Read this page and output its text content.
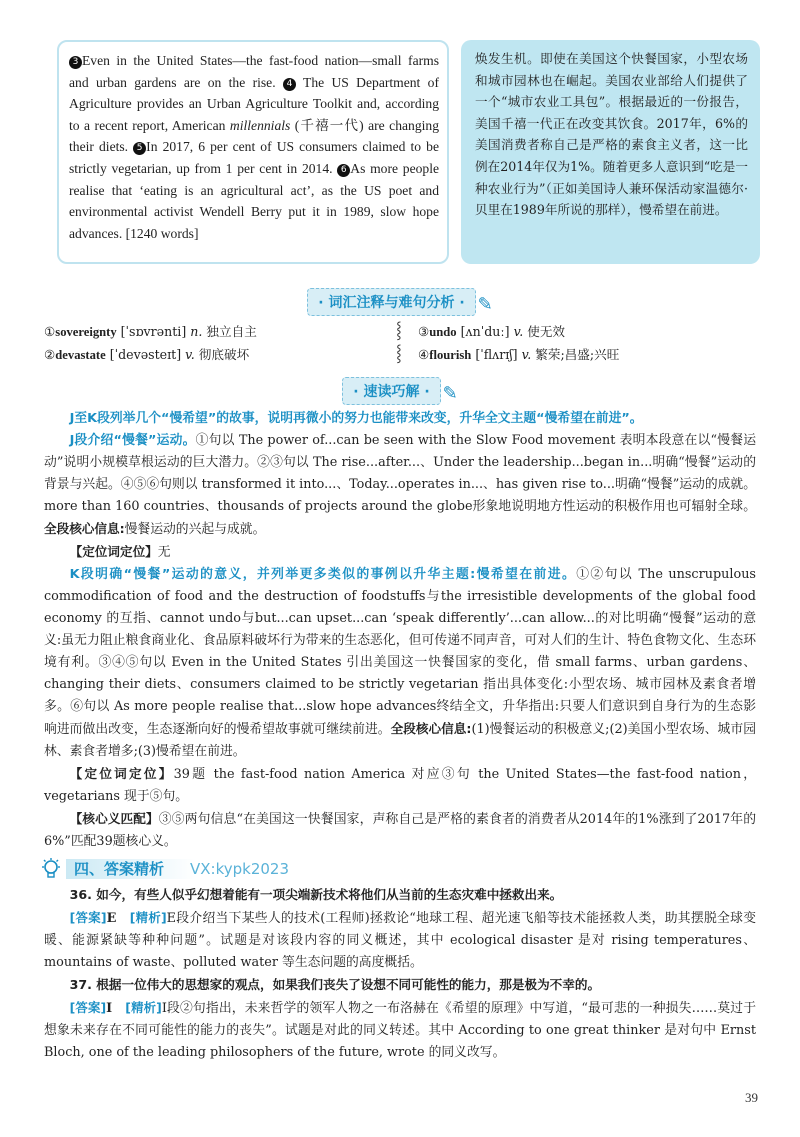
3 Even in the United States—the fast-food nation—small farms and urban gardens are on the rise. 4 The US Department of Agriculture provides an Urban Agriculture Toolkit and, according to a recent report, American millennials (千禧一代) are changing their diets. 5 In 2017, 6 per cent of US consumers claimed to be strictly vegetarian, up from 1 per cent in 2014. 6 As more people realise that ‘eating is an agricultural act’, as the US poet and environmental activist Wendell Berry put it in 1989, slow hope advances. [1240 words]

焕发生机。即使在美国这个快餐国家，小型农场和城市园林也在崛起。美国农业部给人们提供了一个“城市农业工具包”。根据最近的一份报告，美国千禧一代正在改变其饮食。2017年，6%的美国消费者称自己是严格的素食主义者，这一比例在2014年仅为1%。随着更多人意识到“吃是一种农业行为”（正如美国诗人兼环保活动家温德尔·贝里在1989年所说的那样），慢希望在前进。

· 词汇注释与难句分析 · ✎
①sovereignty [ˈsɒvrənti] n. 独立自主
②devastate [ˈdevəsteɪt] v. 彻底破坏
⸾
⸾
③undo [ʌnˈduː] v. 使无效
④flourish [ˈflʌrɪʃ] v. 繁荣;昌盛;兴旺
· 速读巧解 · ✎

J至K段列举几个“慢希望”的故事，说明再微小的努力也能带来改变，升华全文主题“慢希望在前进”。

J段介绍“慢餐”运动。①句以 The power of...can be seen with the Slow Food movement 表明本段意在以“慢餐运动”说明小规模草根运动的巨大潜力。②③句以 The rise...after...、Under the leadership...began in...明确“慢餐”运动的背景与兴起。④⑤⑥句则以 transformed it into...、Today...operates in...、has given rise to...明确“慢餐”运动的成就。more than 160 countries、thousands of projects around the globe形象地说明地方性运动的积极作用也可辐射全球。全段核心信息:慢餐运动的兴起与成就。

【定位词定位】无

K段明确“慢餐”运动的意义，并列举更多类似的事例以升华主题:慢希望在前进。①②句以 The unscrupulous commodification of food and the destruction of foodstuffs与the irresistible developments of the global food economy 的互指、cannot undo与but...can upset...can ‘speak differently’...can allow...的对比明确“慢餐”运动的意义:虽无力阻止粮食商业化、食品原料破坏行为带来的生态恶化，但可传递不同声音，可对人们的生计、特色食物文化、生态环境有利。③④⑤句以 Even in the United States 引出美国这一快餐国家的变化，借 small farms、urban gardens、changing their diets、consumers claimed to be strictly vegetarian 指出具体变化:小型农场、城市园林及素食者增多。⑥句以 As more people realise that...slow hope advances终结全文，升华指出:只要人们意识到自身行为的生态影响进而做出改变，生态逐渐向好的慢希望故事就可继续前进。全段核心信息:(1)慢餐运动的积极意义;(2)美国小型农场、城市园林、素食者增多;(3)慢希望在前进。

【定位词定位】39题 the fast-food nation America 对应③句 the United States—the fast-food nation，vegetarians 现于⑤句。

【核心义匹配】③⑤两句信息“在美国这一快餐国家，声称自己是严格的素食者的消费者从2014年的1%涨到了2017年的6%”匹配39题核心义。

四、答案精析 VX:kypk2023

36. 如今，有些人似乎幻想着能有一项尖端新技术将他们从当前的生态灾难中拯救出来。

[答案]E　 [精析]E段介绍当下某些人的技术(工程师)拯救论“地球工程、超光速飞船等技术能拯救人类，助其摆脱全球变暖、能源紧缺等种种问题”。试题是对该段内容的同义概述，其中 ecological disaster 是对 rising temperatures、mountains of waste、polluted water 等生态问题的高度概括。

37. 根据一位伟大的思想家的观点，如果我们丧失了设想不同可能性的能力，那是极为不幸的。

[答案]I　 [精析]I段②句指出，未来哲学的领军人物之一布洛赫在《希望的原理》中写道，“最可悲的一种损失……莫过于想象未来存在不同可能性的能力的丧失”。试题是对此的同义转述。其中 According to one great thinker 是对句中 Ernst Bloch, one of the leading philosophers of the future, wrote 的同义改写。

39
